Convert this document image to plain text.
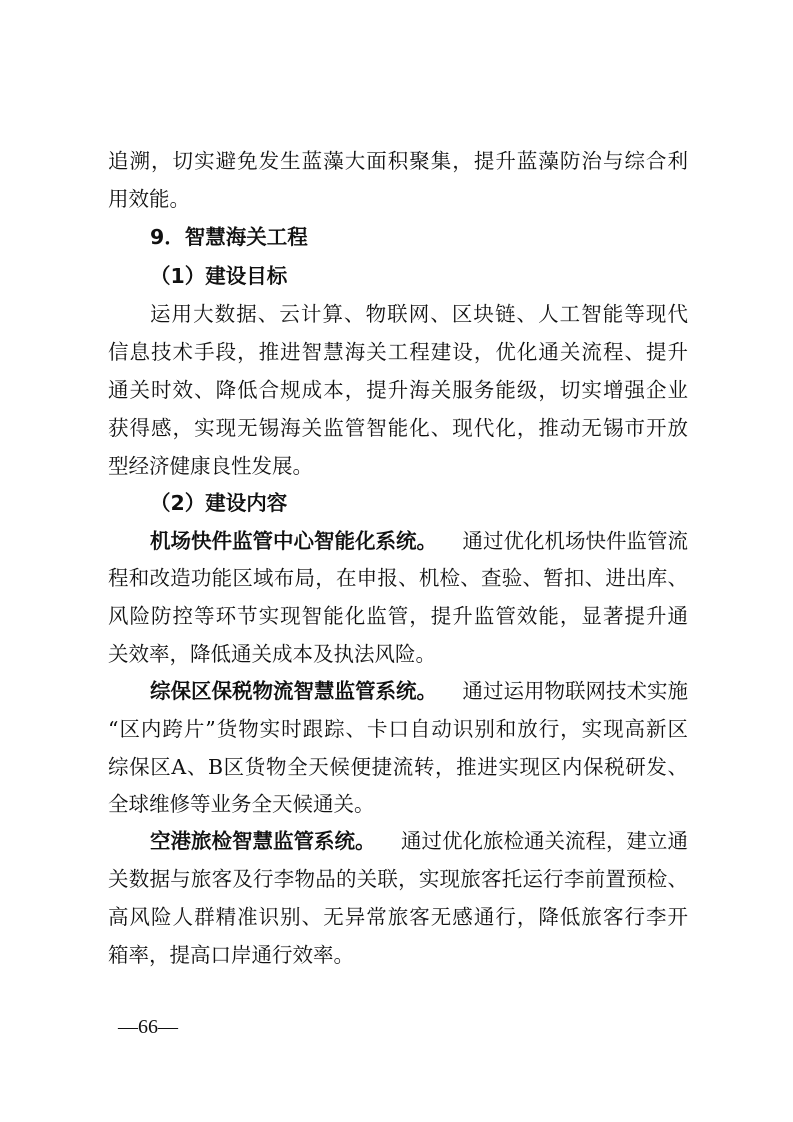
追溯，切实避免发生蓝藻大面积聚集，提升蓝藻防治与综合利
用效能。
9．智慧海关工程
（1）建设目标
运用大数据、云计算、物联网、区块链、人工智能等现代
信息技术手段，推进智慧海关工程建设，优化通关流程、提升
通关时效、降低合规成本，提升海关服务能级，切实增强企业
获得感，实现无锡海关监管智能化、现代化，推动无锡市开放
型经济健康良性发展。
（2）建设内容
机场快件监管中心智能化系统。 通过优化机场快件监管流
程和改造功能区域布局，在申报、机检、查验、暂扣、进出库、
风险防控等环节实现智能化监管，提升监管效能，显著提升通
关效率，降低通关成本及执法风险。
综保区保税物流智慧监管系统。 通过运用物联网技术实施
“区内跨片”货物实时跟踪、卡口自动识别和放行，实现高新区
综保区A、B区货物全天候便捷流转，推进实现区内保税研发、
全球维修等业务全天候通关。
空港旅检智慧监管系统。 通过优化旅检通关流程，建立通
关数据与旅客及行李物品的关联，实现旅客托运行李前置预检、
高风险人群精准识别、无异常旅客无感通行，降低旅客行李开
箱率，提高口岸通行效率。
—66—
